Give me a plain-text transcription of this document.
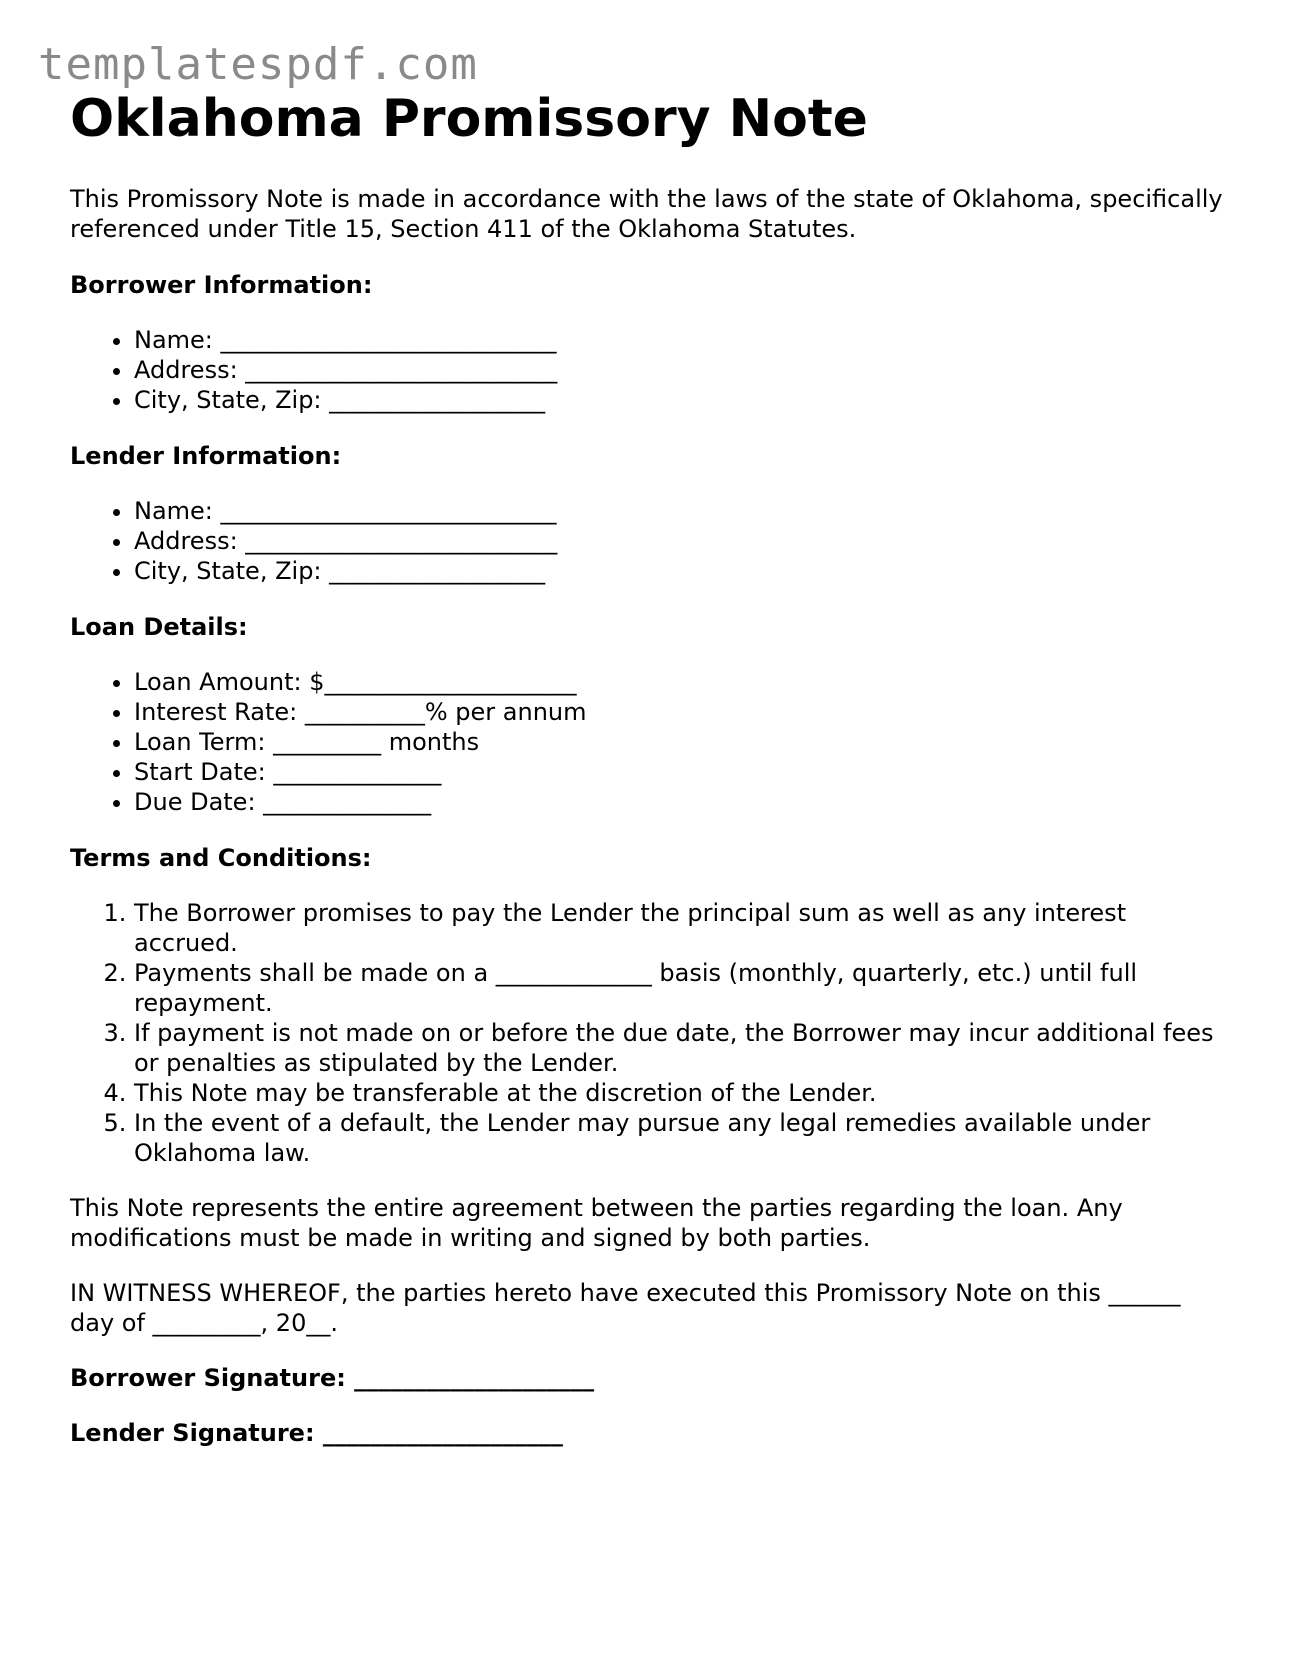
templatespdf.com
Oklahoma Promissory Note

This Promissory Note is made in accordance with the laws of the state of Oklahoma, specifically referenced under Title 15, Section 411 of the Oklahoma Statutes.

Borrower Information:
• Name: ____________________________
• Address: __________________________
• City, State, Zip: __________________
Lender Information:
• Name: ____________________________
• Address: __________________________
• City, State, Zip: __________________
Loan Details:
• Loan Amount: $_____________________
• Interest Rate: __________% per annum
• Loan Term: _________ months
• Start Date: ______________
• Due Date: ______________
Terms and Conditions:
1. The Borrower promises to pay the Lender the principal sum as well as any interest accrued.
2. Payments shall be made on a _____________ basis (monthly, quarterly, etc.) until full repayment.
3. If payment is not made on or before the due date, the Borrower may incur additional fees or penalties as stipulated by the Lender.
4. This Note may be transferable at the discretion of the Lender.
5. In the event of a default, the Lender may pursue any legal remedies available under Oklahoma law.

This Note represents the entire agreement between the parties regarding the loan. Any modifications must be made in writing and signed by both parties.

IN WITNESS WHEREOF, the parties hereto have executed this Promissory Note on this ______ day of _________, 20__.

Borrower Signature: ____________________
Lender Signature: ____________________
